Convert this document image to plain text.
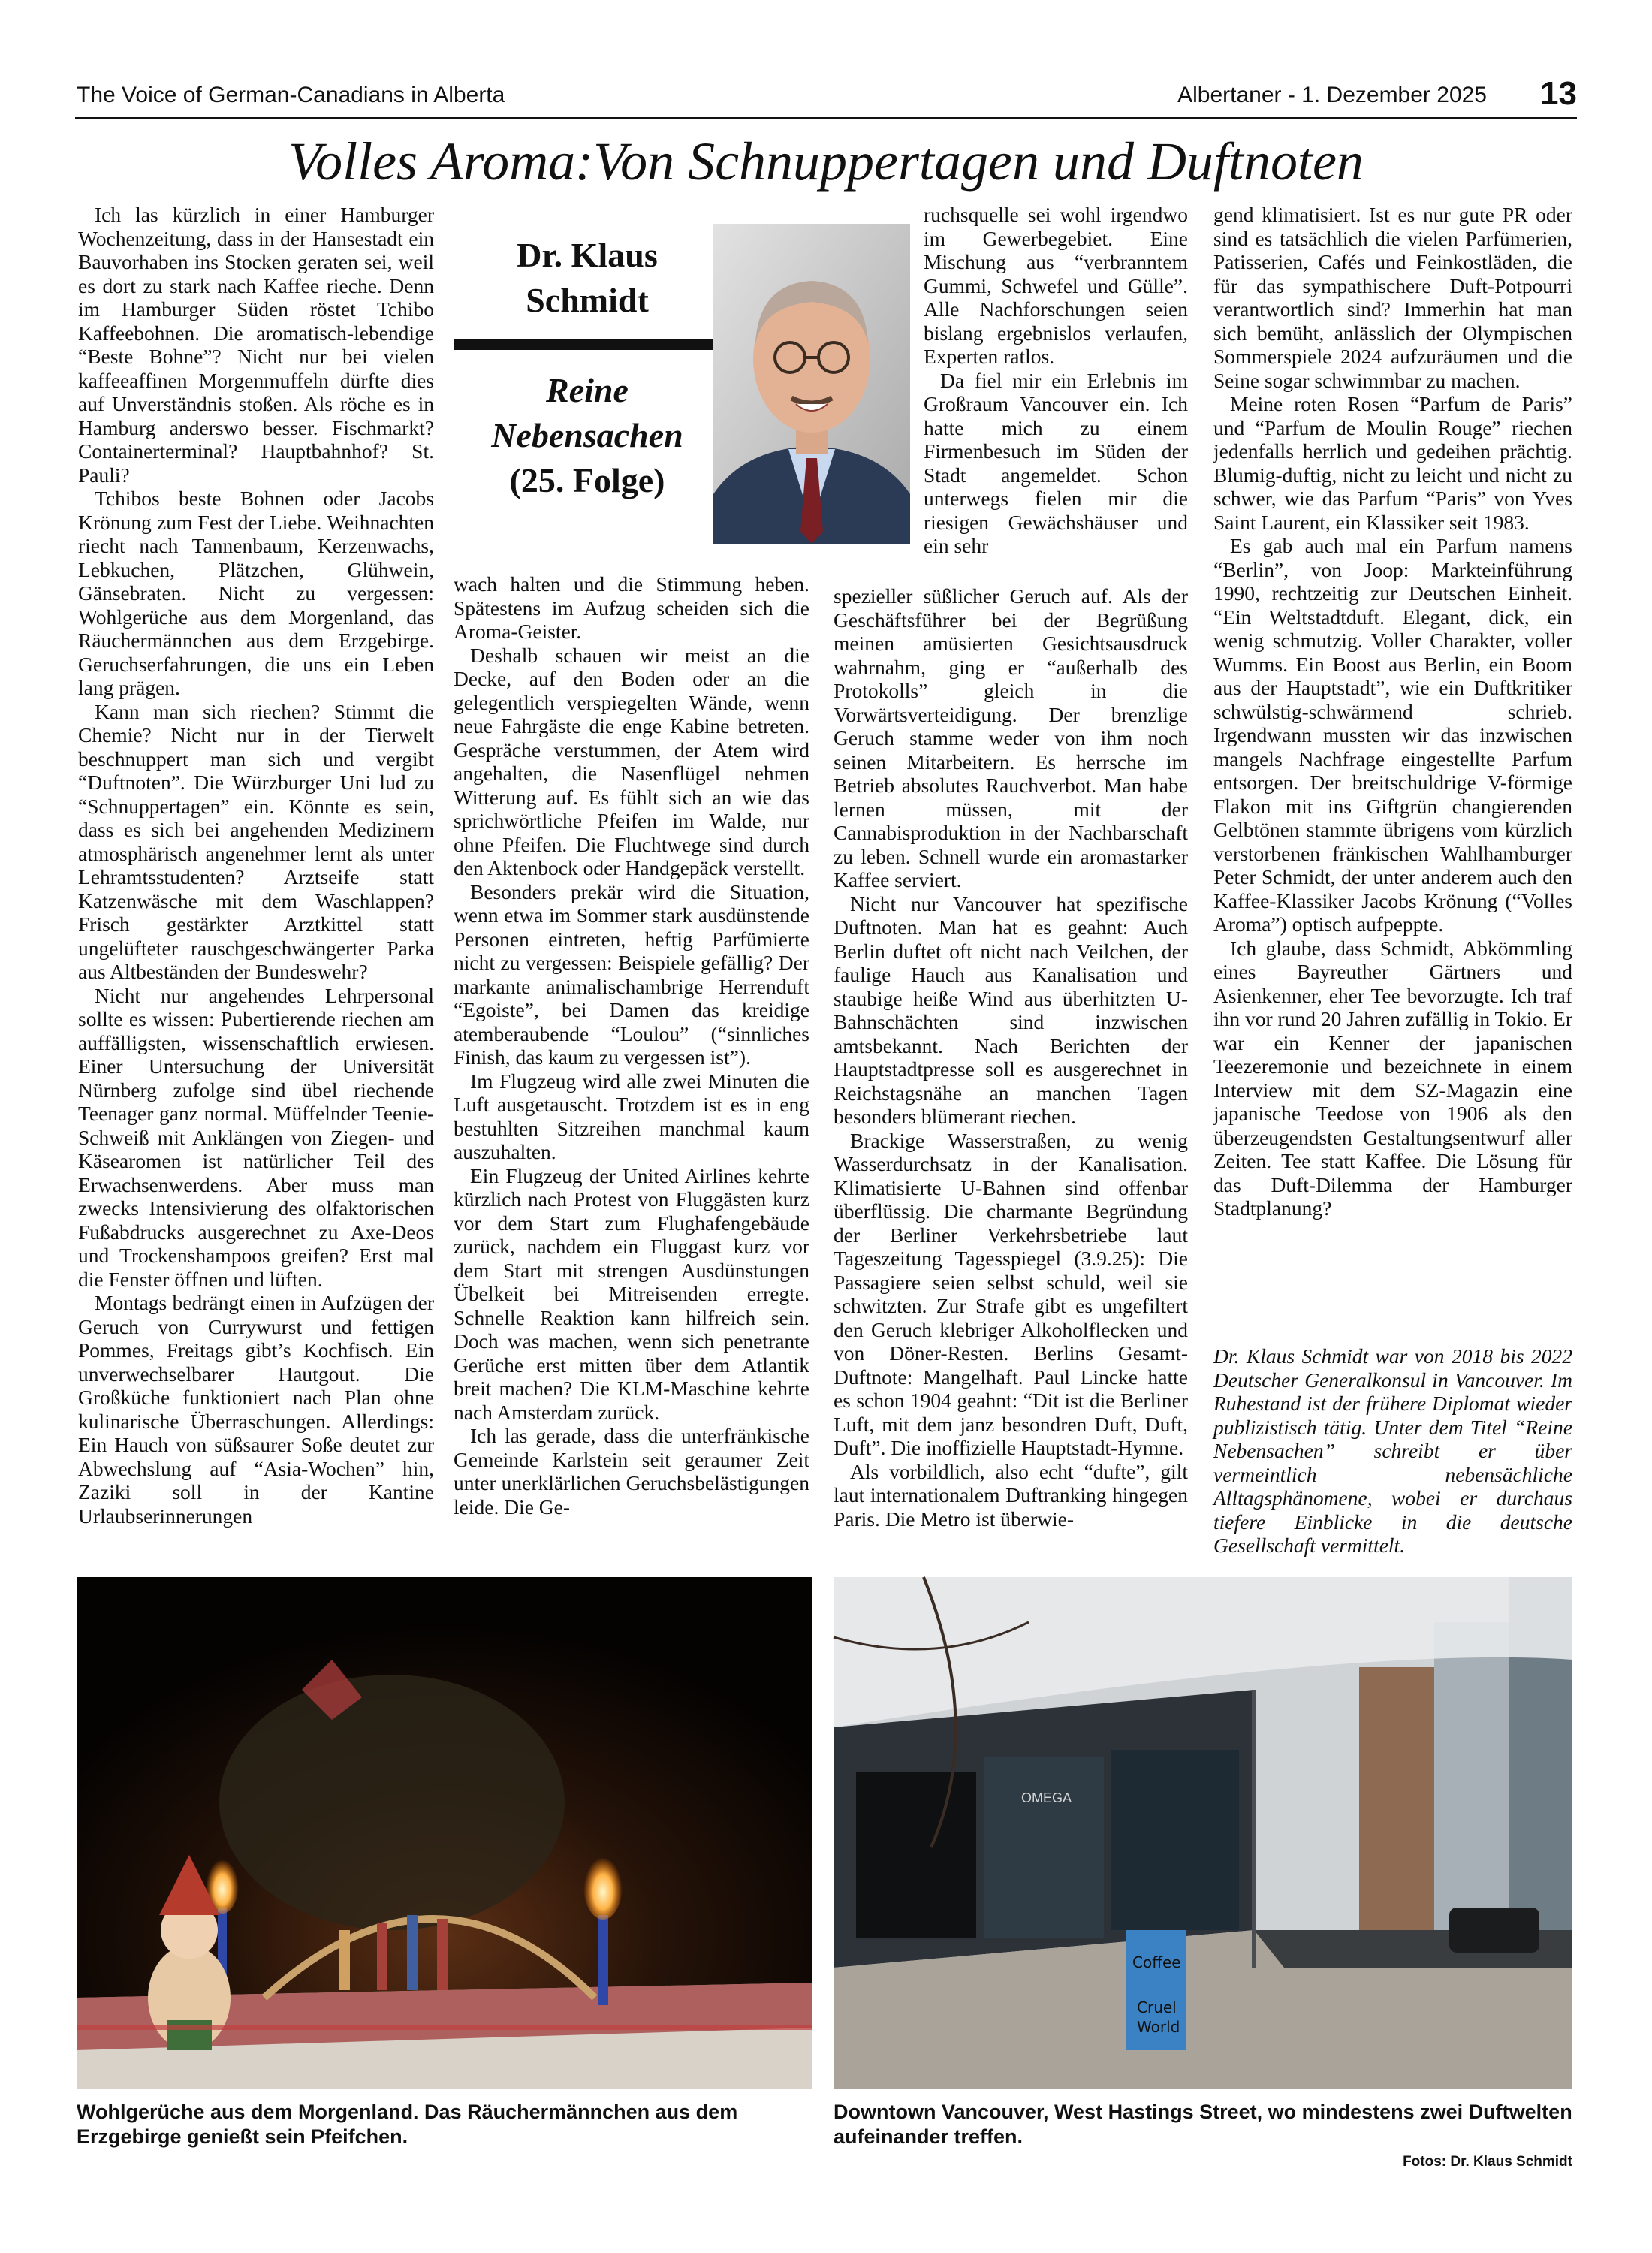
The Voice of German-Canadians in Alberta	Albertaner - 1. Dezember 2025 13
Volles Aroma:Von Schnuppertagen und Duftnoten

Ich las kürzlich in einer Hamburger Wochenzeitung, dass in der Hansestadt ein Bauvorhaben ins Stocken geraten sei, weil es dort zu stark nach Kaffee rieche. Denn im Hamburger Süden röstet Tchibo Kaffeebohnen. Die aromatisch-lebendige “Beste Bohne”? Nicht nur bei vielen kaffeeaffinen Morgenmuffeln dürfte dies auf Unverständnis stoßen. Als röche es in Hamburg anderswo besser. Fischmarkt? Containerterminal? Hauptbahnhof? St. Pauli?

Tchibos beste Bohnen oder Jacobs Krönung zum Fest der Liebe. Weihnachten riecht nach Tannenbaum, Kerzenwachs, Lebkuchen, Plätzchen, Glühwein, Gänsebraten. Nicht zu vergessen: Wohlgerüche aus dem Morgenland, das Räuchermännchen aus dem Erzgebirge. Geruchserfahrungen, die uns ein Leben lang prägen.

Kann man sich riechen? Stimmt die Chemie? Nicht nur in der Tierwelt beschnuppert man sich und vergibt “Duftnoten”. Die Würzburger Uni lud zu “Schnuppertagen” ein. Könnte es sein, dass es sich bei angehenden Medizinern atmosphärisch angenehmer lernt als unter Lehramtsstudenten? Arztseife statt Katzenwäsche mit dem Waschlappen? Frisch gestärkter Arztkittel statt ungelüfteter rauschgeschwängerter Parka aus Altbeständen der Bundeswehr?

Nicht nur angehendes Lehrpersonal sollte es wissen: Pubertierende riechen am auffälligsten, wissenschaftlich erwiesen. Einer Untersuchung der Universität Nürnberg zufolge sind übel riechende Teenager ganz normal. Müffelnder Teenie-Schweiß mit Anklängen von Ziegen- und Käsearomen ist natürlicher Teil des Erwachsenwerdens. Aber muss man zwecks Intensivierung des olfaktorischen Fußabdrucks ausgerechnet zu Axe-Deos und Trockenshampoos greifen? Erst mal die Fenster öffnen und lüften.

Montags bedrängt einen in Aufzügen der Geruch von Currywurst und fettigen Pommes, Freitags gibt’s Kochfisch. Ein unverwechselbarer Hautgout. Die Großküche funktioniert nach Plan ohne kulinarische Überraschungen. Allerdings: Ein Hauch von süßsaurer Soße deutet zur Abwechslung auf “Asia-Wochen” hin, Zaziki soll in der Kantine Urlaubserinnerungen

Dr. Klaus Schmidt
Reine Nebensachen
(25. Folge)

wach halten und die Stimmung heben. Spätestens im Aufzug scheiden sich die Aroma-Geister.

Deshalb schauen wir meist an die Decke, auf den Boden oder an die gelegentlich verspiegelten Wände, wenn neue Fahrgäste die enge Kabine betreten. Gespräche verstummen, der Atem wird angehalten, die Nasenflügel nehmen Witterung auf. Es fühlt sich an wie das sprichwörtliche Pfeifen im Walde, nur ohne Pfeifen. Die Fluchtwege sind durch den Aktenbock oder Handgepäck verstellt.

Besonders prekär wird die Situation, wenn etwa im Sommer stark ausdünstende Personen eintreten, heftig Parfümierte nicht zu vergessen: Beispiele gefällig? Der markante animalischambrige Herrenduft “Egoiste”, bei Damen das kreidige atemberaubende “Loulou” (“sinnliches Finish, das kaum zu vergessen ist”).

Im Flugzeug wird alle zwei Minuten die Luft ausgetauscht. Trotzdem ist es in eng bestuhlten Sitzreihen manchmal kaum auszuhalten.

Ein Flugzeug der United Airlines kehrte kürzlich nach Protest von Fluggästen kurz vor dem Start zum Flughafengebäude zurück, nachdem ein Fluggast kurz vor dem Start mit strengen Ausdünstungen Übelkeit bei Mitreisenden erregte. Schnelle Reaktion kann hilfreich sein. Doch was machen, wenn sich penetrante Gerüche erst mitten über dem Atlantik breit machen? Die KLM-Maschine kehrte nach Amsterdam zurück.

Ich las gerade, dass die unterfränkische Gemeinde Karlstein seit geraumer Zeit unter unerklärlichen Geruchsbelästigungen leide. Die Ge-

ruchsquelle sei wohl irgendwo im Gewerbegebiet. Eine Mischung aus “verbranntem Gummi, Schwefel und Gülle”. Alle Nachforschungen seien bislang ergebnislos verlaufen, Experten ratlos.

Da fiel mir ein Erlebnis im Großraum Vancouver ein. Ich hatte mich zu einem Firmenbesuch im Süden der Stadt angemeldet. Schon unterwegs fielen mir die riesigen Gewächshäuser und ein sehr

spezieller süßlicher Geruch auf. Als der Geschäftsführer bei der Begrüßung meinen amüsierten Gesichtsausdruck wahrnahm, ging er “außerhalb des Protokolls” gleich in die Vorwärtsverteidigung. Der brenzlige Geruch stamme weder von ihm noch seinen Mitarbeitern. Es herrsche im Betrieb absolutes Rauchverbot. Man habe lernen müssen, mit der Cannabisproduktion in der Nachbarschaft zu leben. Schnell wurde ein aromastarker Kaffee serviert.

Nicht nur Vancouver hat spezifische Duftnoten. Man hat es geahnt: Auch Berlin duftet oft nicht nach Veilchen, der faulige Hauch aus Kanalisation und staubige heiße Wind aus überhitzten U-Bahnschächten sind inzwischen amtsbekannt. Nach Berichten der Hauptstadtpresse soll es ausgerechnet in Reichstagsnähe an manchen Tagen besonders blümerant riechen.

Brackige Wasserstraßen, zu wenig Wasserdurchsatz in der Kanalisation. Klimatisierte U-Bahnen sind offenbar überflüssig. Die charmante Begründung der Berliner Verkehrsbetriebe laut Tageszeitung Tagesspiegel (3.9.25): Die Passagiere seien selbst schuld, weil sie schwitzten. Zur Strafe gibt es ungefiltert den Geruch klebriger Alkoholflecken und von Döner-Resten. Berlins Gesamt-Duftnote: Mangelhaft. Paul Lincke hatte es schon 1904 geahnt: “Dit ist die Berliner Luft, mit dem janz besondren Duft, Duft, Duft”. Die inoffizielle Hauptstadt-Hymne.

Als vorbildlich, also echt “dufte”, gilt laut internationalem Duftranking hingegen Paris. Die Metro ist überwie-

gend klimatisiert. Ist es nur gute PR oder sind es tatsächlich die vielen Parfümerien, Patisserien, Cafés und Feinkostläden, die für das sympathischere Duft-Potpourri verantwortlich sind? Immerhin hat man sich bemüht, anlässlich der Olympischen Sommerspiele 2024 aufzuräumen und die Seine sogar schwimmbar zu machen.

Meine roten Rosen “Parfum de Paris” und “Parfum de Moulin Rouge” riechen jedenfalls herrlich und gedeihen prächtig. Blumig-duftig, nicht zu leicht und nicht zu schwer, wie das Parfum “Paris” von Yves Saint Laurent, ein Klassiker seit 1983.

Es gab auch mal ein Parfum namens “Berlin”, von Joop: Markteinführung 1990, rechtzeitig zur Deutschen Einheit. “Ein Weltstadtduft. Elegant, dick, ein wenig schmutzig. Voller Charakter, voller Wumms. Ein Boost aus Berlin, ein Boom aus der Hauptstadt”, wie ein Duftkritiker schwülstig-schwärmend schrieb. Irgendwann mussten wir das inzwischen mangels Nachfrage eingestellte Parfum entsorgen. Der breitschuldrige V-förmige Flakon mit ins Giftgrün changierenden Gelbtönen stammte übrigens vom kürzlich verstorbenen fränkischen Wahlhamburger Peter Schmidt, der unter anderem auch den Kaffee-Klassiker Jacobs Krönung (“Volles Aroma”) optisch aufpeppte.

Ich glaube, dass Schmidt, Abkömmling eines Bayreuther Gärtners und Asienkenner, eher Tee bevorzugte. Ich traf ihn vor rund 20 Jahren zufällig in Tokio. Er war ein Kenner der japanischen Teezeremonie und bezeichnete in einem Interview mit dem SZ-Magazin eine japanische Teedose von 1906 als den überzeugendsten Gestaltungsentwurf aller Zeiten. Tee statt Kaffee. Die Lösung für das Duft-Dilemma der Hamburger Stadtplanung?

Dr. Klaus Schmidt war von 2018 bis 2022 Deutscher Generalkonsul in Vancouver. Im Ruhestand ist der frühere Diplomat wieder publizistisch tätig. Unter dem Titel “Reine Nebensachen” schreibt er über vermeintlich nebensächliche Alltagsphänomene, wobei er durchaus tiefere Einblicke in die deutsche Gesellschaft vermittelt.
OMEGA
Coffee
Cruel
World
Wohlgerüche aus dem Morgenland. Das Räuchermännchen aus dem Erzgebirge genießt sein Pfeifchen.
Downtown Vancouver, West Hastings Street, wo mindestens zwei Duftwelten aufeinander treffen.
Fotos: Dr. Klaus Schmidt
